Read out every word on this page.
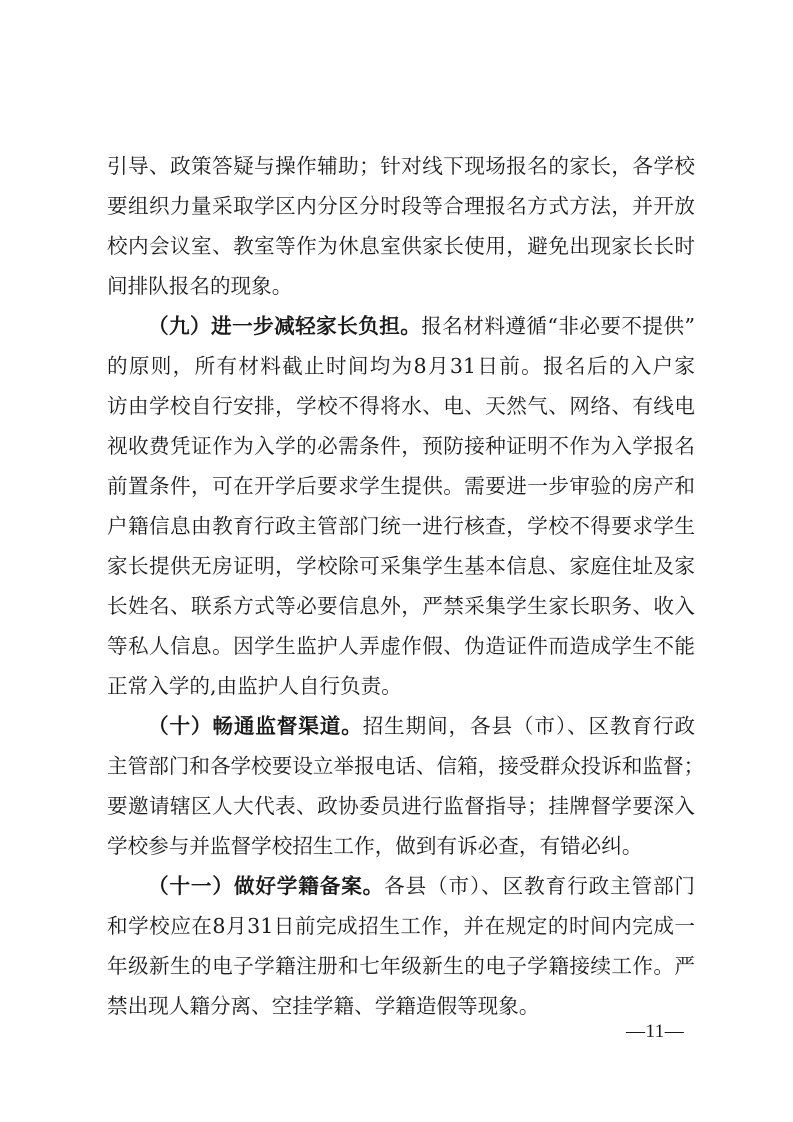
引导、政策答疑与操作辅助；针对线下现场报名的家长，各学校
要组织力量采取学区内分区分时段等合理报名方式方法，并开放
校内会议室、教室等作为休息室供家长使用，避免出现家长长时
间排队报名的现象。
（九）进一步减轻家长负担。报名材料遵循“非必要不提供”
的原则，所有材料截止时间均为8月31日前。报名后的入户家
访由学校自行安排，学校不得将水、电、天然气、网络、有线电
视收费凭证作为入学的必需条件，预防接种证明不作为入学报名
前置条件，可在开学后要求学生提供。需要进一步审验的房产和
户籍信息由教育行政主管部门统一进行核查，学校不得要求学生
家长提供无房证明，学校除可采集学生基本信息、家庭住址及家
长姓名、联系方式等必要信息外，严禁采集学生家长职务、收入
等私人信息。因学生监护人弄虚作假、伪造证件而造成学生不能
正常入学的,由监护人自行负责。
（十）畅通监督渠道。招生期间，各县（市）、区教育行政
主管部门和各学校要设立举报电话、信箱，接受群众投诉和监督；
要邀请辖区人大代表、政协委员进行监督指导；挂牌督学要深入
学校参与并监督学校招生工作，做到有诉必查，有错必纠。
（十一）做好学籍备案。各县（市）、区教育行政主管部门
和学校应在8月31日前完成招生工作，并在规定的时间内完成一
年级新生的电子学籍注册和七年级新生的电子学籍接续工作。严
禁出现人籍分离、空挂学籍、学籍造假等现象。
—11—
